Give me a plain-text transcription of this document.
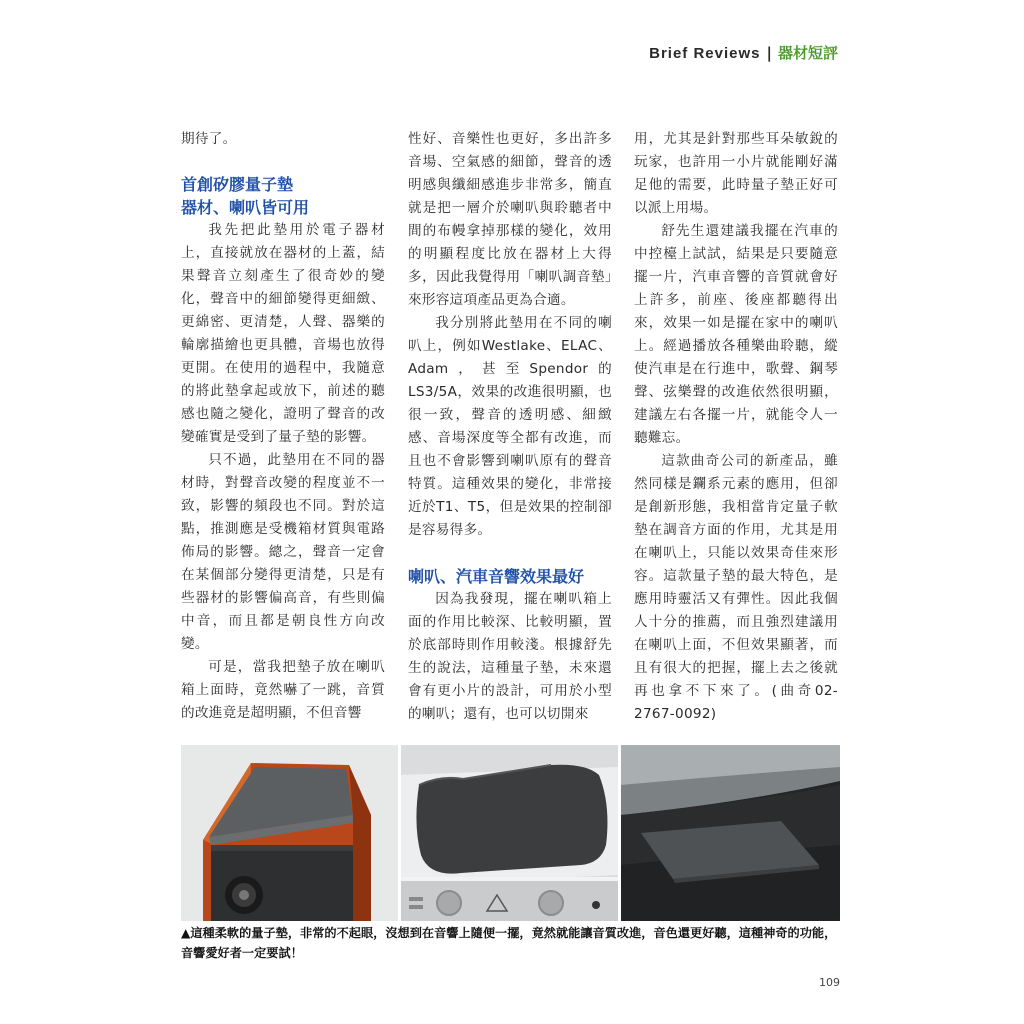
Brief Reviews | 器材短評

期待了。

首創矽膠量子墊

器材、喇叭皆可用

我先把此墊用於電子器材上，直接就放在器材的上蓋，結果聲音立刻產生了很奇妙的變化，聲音中的細節變得更細緻、更綿密、更清楚，人聲、器樂的輪廓描繪也更具體，音場也放得更開。在使用的過程中，我隨意的將此墊拿起或放下，前述的聽感也隨之變化，證明了聲音的改變確實是受到了量子墊的影響。

只不過，此墊用在不同的器材時，對聲音改變的程度並不一致，影響的頻段也不同。對於這點，推測應是受機箱材質與電路佈局的影響。總之，聲音一定會在某個部分變得更清楚，只是有些器材的影響偏高音，有些則偏中音，而且都是朝良性方向改變。

可是，當我把墊子放在喇叭箱上面時，竟然嚇了一跳，音質的改進竟是超明顯，不但音響

性好、音樂性也更好，多出許多音場、空氣感的細節，聲音的透明感與纖細感進步非常多，簡直就是把一層介於喇叭與聆聽者中間的布幔拿掉那樣的變化，效用的明顯程度比放在器材上大得多，因此我覺得用「喇叭調音墊」來形容這項產品更為合適。

我分別將此墊用在不同的喇叭上，例如Westlake、ELAC、Adam，甚至Spendor的LS3/5A，效果的改進很明顯，也很一致，聲音的透明感、細緻感、音場深度等全都有改進，而且也不會影響到喇叭原有的聲音特質。這種效果的變化，非常接近於T1、T5，但是效果的控制卻是容易得多。

喇叭、汽車音響效果最好

因為我發現，擺在喇叭箱上面的作用比較深、比較明顯，置於底部時則作用較淺。根據舒先生的說法，這種量子墊，未來還會有更小片的設計，可用於小型的喇叭；還有，也可以切開來

用，尤其是針對那些耳朵敏銳的玩家，也許用一小片就能剛好滿足他的需要，此時量子墊正好可以派上用場。

舒先生還建議我擺在汽車的中控檯上試試，結果是只要隨意擺一片，汽車音響的音質就會好上許多，前座、後座都聽得出來，效果一如是擺在家中的喇叭上。經過播放各種樂曲聆聽，縱使汽車是在行進中，歌聲、鋼琴聲、弦樂聲的改進依然很明顯，建議左右各擺一片，就能令人一聽難忘。

這款曲奇公司的新產品，雖然同樣是鑭系元素的應用，但卻是創新形態，我相當肯定量子軟墊在調音方面的作用，尤其是用在喇叭上，只能以效果奇佳來形容。這款量子墊的最大特色，是應用時靈活又有彈性。因此我個人十分的推薦，而且強烈建議用在喇叭上面，不但效果顯著，而且有很大的把握，擺上去之後就再也拿不下來了。(曲奇02-2767-0092)

▲這種柔軟的量子墊，非常的不起眼，沒想到在音響上隨便一擺，竟然就能讓音質改進，音色還更好聽，這種神奇的功能，音響愛好者一定要試！
109
